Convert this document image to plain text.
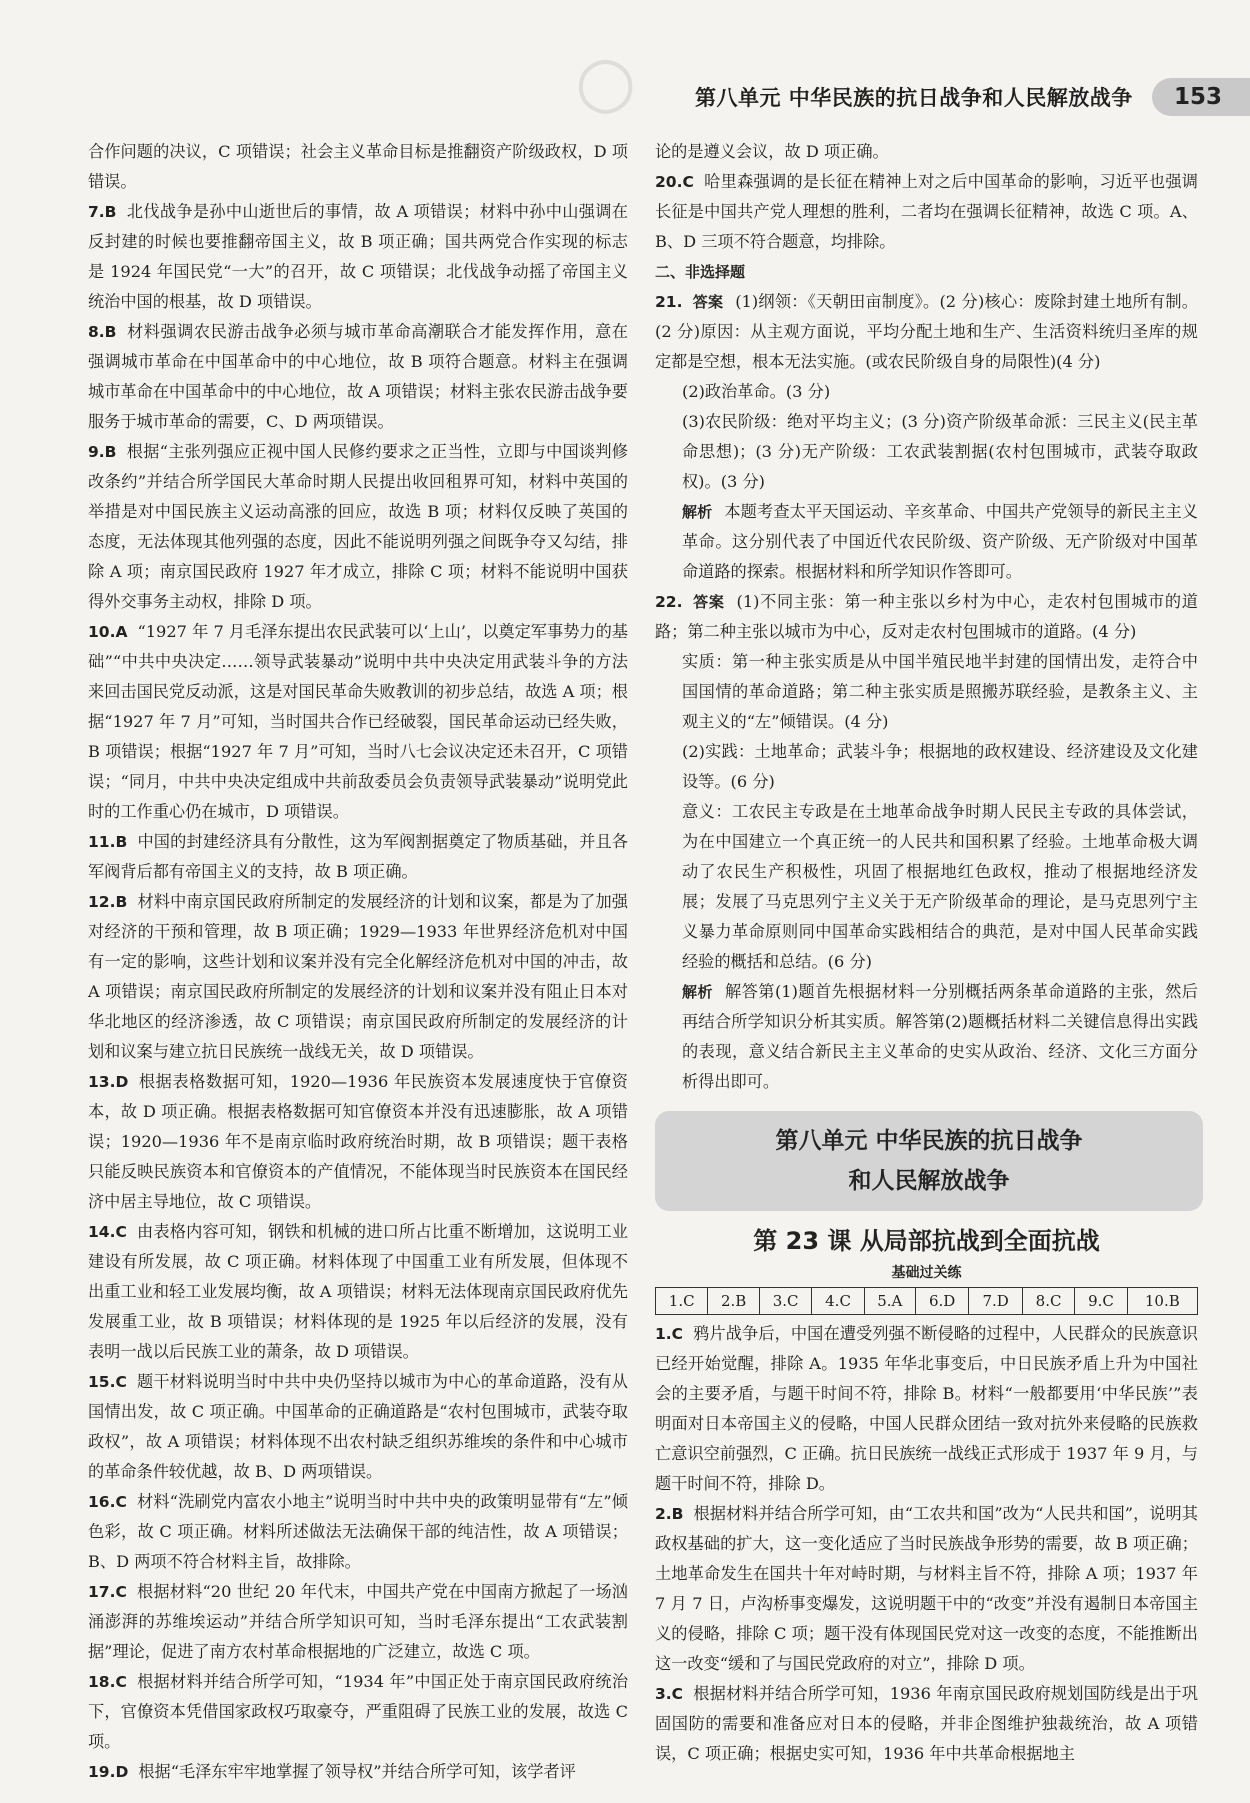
○	第八单元 中华民族的抗日战争和人民解放战争	153

合作问题的决议，C 项错误；社会主义革命目标是推翻资产阶级政权，D 项错误。

7.B 北伐战争是孙中山逝世后的事情，故 A 项错误；材料中孙中山强调在反封建的时候也要推翻帝国主义，故 B 项正确；国共两党合作实现的标志是 1924 年国民党“一大”的召开，故 C 项错误；北伐战争动摇了帝国主义统治中国的根基，故 D 项错误。

8.B 材料强调农民游击战争必须与城市革命高潮联合才能发挥作用，意在强调城市革命在中国革命中的中心地位，故 B 项符合题意。材料主在强调城市革命在中国革命中的中心地位，故 A 项错误；材料主张农民游击战争要服务于城市革命的需要，C、D 两项错误。

9.B 根据“主张列强应正视中国人民修约要求之正当性，立即与中国谈判修改条约”并结合所学国民大革命时期人民提出收回租界可知，材料中英国的举措是对中国民族主义运动高涨的回应，故选 B 项；材料仅反映了英国的态度，无法体现其他列强的态度，因此不能说明列强之间既争夺又勾结，排除 A 项；南京国民政府 1927 年才成立，排除 C 项；材料不能说明中国获得外交事务主动权，排除 D 项。

10.A “1927 年 7 月毛泽东提出农民武装可以‘上山’，以奠定军事势力的基础”“中共中央决定……领导武装暴动”说明中共中央决定用武装斗争的方法来回击国民党反动派，这是对国民革命失败教训的初步总结，故选 A 项；根据“1927 年 7 月”可知，当时国共合作已经破裂，国民革命运动已经失败，B 项错误；根据“1927 年 7 月”可知，当时八七会议决定还未召开，C 项错误；“同月，中共中央决定组成中共前敌委员会负责领导武装暴动”说明党此时的工作重心仍在城市，D 项错误。

11.B 中国的封建经济具有分散性，这为军阀割据奠定了物质基础，并且各军阀背后都有帝国主义的支持，故 B 项正确。

12.B 材料中南京国民政府所制定的发展经济的计划和议案，都是为了加强对经济的干预和管理，故 B 项正确；1929—1933 年世界经济危机对中国有一定的影响，这些计划和议案并没有完全化解经济危机对中国的冲击，故 A 项错误；南京国民政府所制定的发展经济的计划和议案并没有阻止日本对华北地区的经济渗透，故 C 项错误；南京国民政府所制定的发展经济的计划和议案与建立抗日民族统一战线无关，故 D 项错误。

13.D 根据表格数据可知，1920—1936 年民族资本发展速度快于官僚资本，故 D 项正确。根据表格数据可知官僚资本并没有迅速膨胀，故 A 项错误；1920—1936 年不是南京临时政府统治时期，故 B 项错误；题干表格只能反映民族资本和官僚资本的产值情况，不能体现当时民族资本在国民经济中居主导地位，故 C 项错误。

14.C 由表格内容可知，钢铁和机械的进口所占比重不断增加，这说明工业建设有所发展，故 C 项正确。材料体现了中国重工业有所发展，但体现不出重工业和轻工业发展均衡，故 A 项错误；材料无法体现南京国民政府优先发展重工业，故 B 项错误；材料体现的是 1925 年以后经济的发展，没有表明一战以后民族工业的萧条，故 D 项错误。

15.C 题干材料说明当时中共中央仍坚持以城市为中心的革命道路，没有从国情出发，故 C 项正确。中国革命的正确道路是“农村包围城市，武装夺取政权”，故 A 项错误；材料体现不出农村缺乏组织苏维埃的条件和中心城市的革命条件较优越，故 B、D 两项错误。

16.C 材料“洗刷党内富农小地主”说明当时中共中央的政策明显带有“左”倾色彩，故 C 项正确。材料所述做法无法确保干部的纯洁性，故 A 项错误；B、D 两项不符合材料主旨，故排除。

17.C 根据材料“20 世纪 20 年代末，中国共产党在中国南方掀起了一场汹涌澎湃的苏维埃运动”并结合所学知识可知，当时毛泽东提出“工农武装割据”理论，促进了南方农村革命根据地的广泛建立，故选 C 项。

18.C 根据材料并结合所学可知，“1934 年”中国正处于南京国民政府统治下，官僚资本凭借国家政权巧取豪夺，严重阻碍了民族工业的发展，故选 C 项。

19.D 根据“毛泽东牢牢地掌握了领导权”并结合所学可知，该学者评

论的是遵义会议，故 D 项正确。

20.C 哈里森强调的是长征在精神上对之后中国革命的影响，习近平也强调长征是中国共产党人理想的胜利，二者均在强调长征精神，故选 C 项。A、B、D 三项不符合题意，均排除。

二、非选择题

21. 答案 (1)纲领：《天朝田亩制度》。(2 分)核心：废除封建土地所有制。(2 分)原因：从主观方面说，平均分配土地和生产、生活资料统归圣库的规定都是空想，根本无法实施。(或农民阶级自身的局限性)(4 分)

(2)政治革命。(3 分)

(3)农民阶级：绝对平均主义；(3 分)资产阶级革命派：三民主义(民主革命思想)；(3 分)无产阶级：工农武装割据(农村包围城市，武装夺取政权)。(3 分)

解析 本题考查太平天国运动、辛亥革命、中国共产党领导的新民主主义革命。这分别代表了中国近代农民阶级、资产阶级、无产阶级对中国革命道路的探索。根据材料和所学知识作答即可。

22. 答案 (1)不同主张：第一种主张以乡村为中心，走农村包围城市的道路；第二种主张以城市为中心，反对走农村包围城市的道路。(4 分)

实质：第一种主张实质是从中国半殖民地半封建的国情出发，走符合中国国情的革命道路；第二种主张实质是照搬苏联经验，是教条主义、主观主义的“左”倾错误。(4 分)

(2)实践：土地革命；武装斗争；根据地的政权建设、经济建设及文化建设等。(6 分)

意义：工农民主专政是在土地革命战争时期人民民主专政的具体尝试，为在中国建立一个真正统一的人民共和国积累了经验。土地革命极大调动了农民生产积极性，巩固了根据地红色政权，推动了根据地经济发展；发展了马克思列宁主义关于无产阶级革命的理论，是马克思列宁主义暴力革命原则同中国革命实践相结合的典范，是对中国人民革命实践经验的概括和总结。(6 分)

解析 解答第(1)题首先根据材料一分别概括两条革命道路的主张，然后再结合所学知识分析其实质。解答第(2)题概括材料二关键信息得出实践的表现，意义结合新民主主义革命的史实从政治、经济、文化三方面分析得出即可。

第八单元 中华民族的抗日战争
和人民解放战争
第 23 课 从局部抗战到全面抗战
基础过关练
1.C	2.B	3.C	4.C	5.A	6.D	7.D	8.C	9.C	10.B

1.C 鸦片战争后，中国在遭受列强不断侵略的过程中，人民群众的民族意识已经开始觉醒，排除 A。1935 年华北事变后，中日民族矛盾上升为中国社会的主要矛盾，与题干时间不符，排除 B。材料“一般都要用‘中华民族’”表明面对日本帝国主义的侵略，中国人民群众团结一致对抗外来侵略的民族救亡意识空前强烈，C 正确。抗日民族统一战线正式形成于 1937 年 9 月，与题干时间不符，排除 D。

2.B 根据材料并结合所学可知，由“工农共和国”改为“人民共和国”，说明其政权基础的扩大，这一变化适应了当时民族战争形势的需要，故 B 项正确；土地革命发生在国共十年对峙时期，与材料主旨不符，排除 A 项；1937 年 7 月 7 日，卢沟桥事变爆发，这说明题干中的“改变”并没有遏制日本帝国主义的侵略，排除 C 项；题干没有体现国民党对这一改变的态度，不能推断出这一改变“缓和了与国民党政府的对立”，排除 D 项。

3.C 根据材料并结合所学可知，1936 年南京国民政府规划国防线是出于巩固国防的需要和准备应对日本的侵略，并非企图维护独裁统治，故 A 项错误，C 项正确；根据史实可知，1936 年中共革命根据地主
